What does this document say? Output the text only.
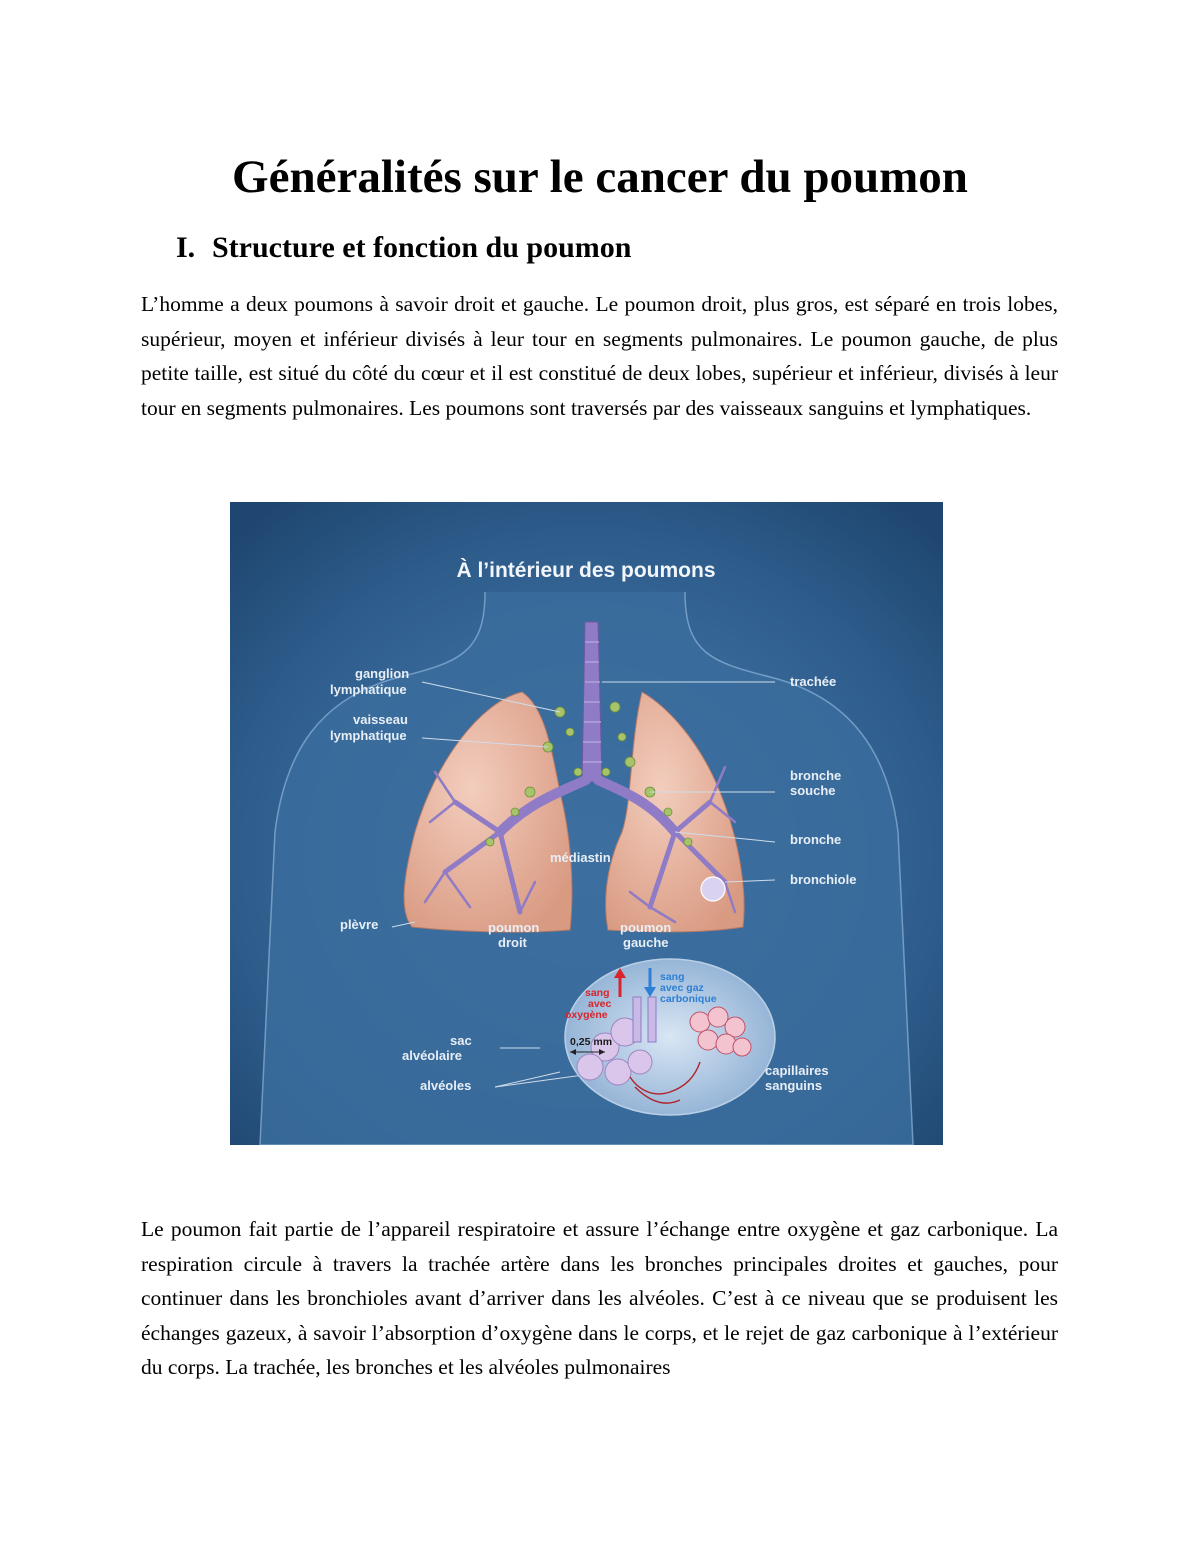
Généralités sur le cancer du poumon
I. Structure et fonction du poumon

L’homme a deux poumons à savoir droit et gauche. Le poumon droit, plus gros, est séparé en trois lobes, supérieur, moyen et inférieur divisés à leur tour en segments pulmonaires. Le poumon gauche, de plus petite taille, est situé du côté du cœur et il est constitué de deux lobes, supérieur et inférieur, divisés à leur tour en segments pulmonaires. Les poumons sont traversés par des vaisseaux sanguins et lymphatiques.

À l’intérieur des poumons
ganglion
lymphatique
vaisseau
lymphatique
trachée
bronche
souche
bronche
bronchiole
médiastin
plèvre	poumon
droit
poumon
gauche
sang
avec
oxygène
sang
avec gaz
carbonique
0,25 mm
sac
alvéolaire
alvéoles
capillaires
sanguins

Le poumon fait partie de l’appareil respiratoire et assure l’échange entre oxygène et gaz carbonique. La respiration circule à travers la trachée artère dans les bronches principales droites et gauches, pour continuer dans les bronchioles avant d’arriver dans les alvéoles. C’est à ce niveau que se produisent les échanges gazeux, à savoir l’absorption d’oxygène dans le corps, et le rejet de gaz carbonique à l’extérieur du corps. La trachée, les bronches et les alvéoles pulmonaires
